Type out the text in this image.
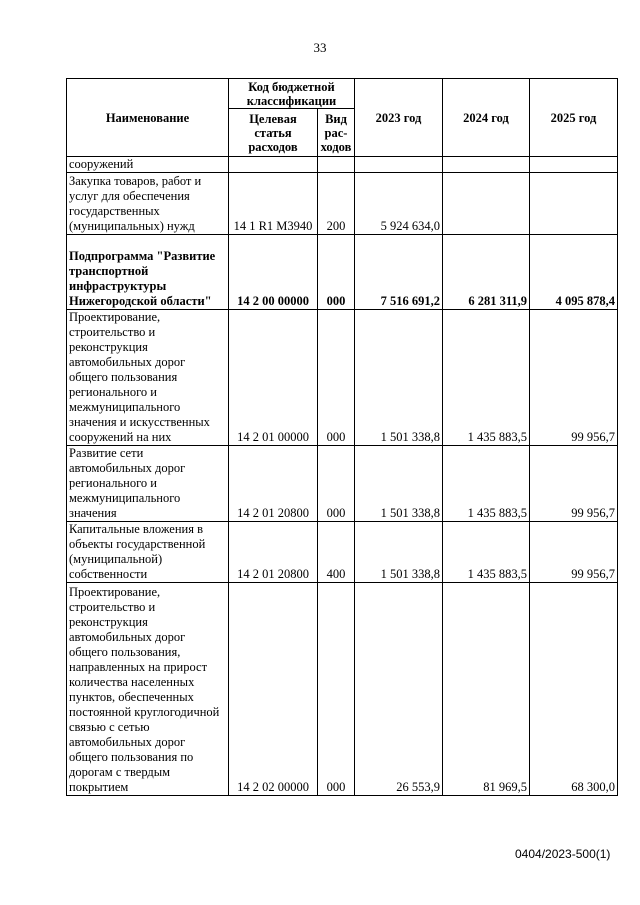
33
Наименование	Код бюджетной классификации		2023 год	2024 год	2025 год
	Целевая статья расходов	Вид рас-ходов			
сооружений					
Закупка товаров, работ и услуг для обеспечения государственных (муниципальных) нужд	14 1 R1 M3940	200	5 924 634,0		
Подпрограмма "Развитие транспортной инфраструктуры Нижегородской области"	14 2 00 00000	000	7 516 691,2	6 281 311,9	4 095 878,4
Проектирование, строительство и реконструкция автомобильных дорог общего пользования регионального и межмуниципального значения и искусственных сооружений на них	14 2 01 00000	000	1 501 338,8	1 435 883,5	99 956,7
Развитие сети автомобильных дорог регионального и межмуниципального значения	14 2 01 20800	000	1 501 338,8	1 435 883,5	99 956,7
Капитальные вложения в объекты государственной (муниципальной) собственности	14 2 01 20800	400	1 501 338,8	1 435 883,5	99 956,7
Проектирование, строительство и реконструкция автомобильных дорог общего пользования, направленных на прирост количества населенных пунктов, обеспеченных постоянной круглогодичной связью с сетью автомобильных дорог общего пользования по дорогам с твердым покрытием	14 2 02 00000	000	26 553,9	81 969,5	68 300,0
0404/2023-500(1)
